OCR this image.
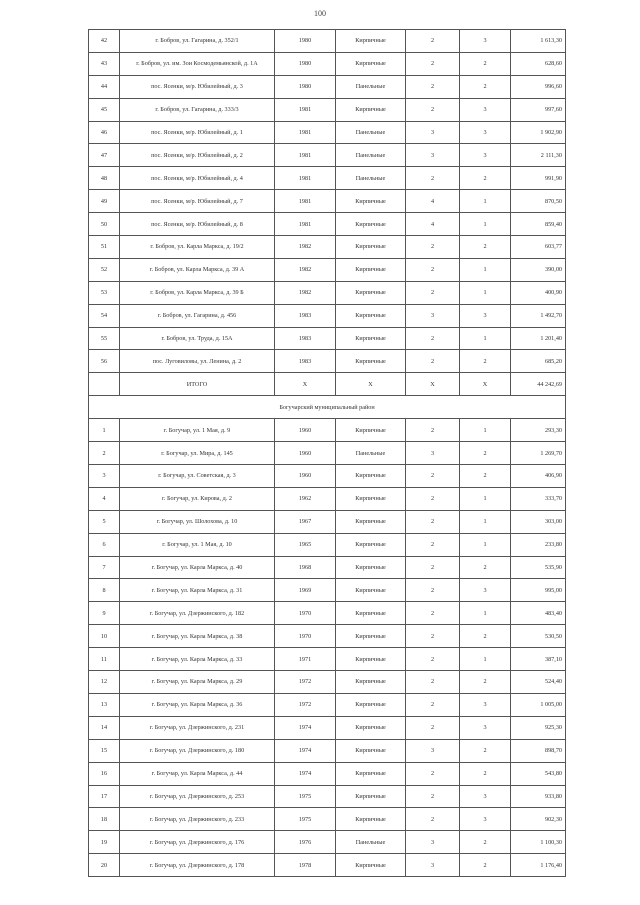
100
42	г. Бобров, ул. Гагарина, д. 352/1	1980	Кирпичные	2	3	1 613,30
43	г. Бобров, ул. им. Зои Космодемьянской, д. 1А	1980	Кирпичные	2	2	628,60
44	пос. Ясенки, м/р. Юбилейный, д. 3	1980	Панельные	2	2	996,60
45	г. Бобров, ул. Гагарина, д. 333/3	1981	Кирпичные	2	3	997,60
46	пос. Ясенки, м/р. Юбилейный, д. 1	1981	Панельные	3	3	1 902,90
47	пос. Ясенки, м/р. Юбилейный, д. 2	1981	Панельные	3	3	2 111,30
48	пос. Ясенки, м/р. Юбилейный, д. 4	1981	Панельные	2	2	991,90
49	пос. Ясенки, м/р. Юбилейный, д. 7	1981	Кирпичные	4	1	870,50
50	пос. Ясенки, м/р. Юбилейный, д. 8	1981	Кирпичные	4	1	859,40
51	г. Бобров, ул. Карла Маркса, д. 19/2	1982	Кирпичные	2	2	603,77
52	г. Бобров, ул. Карла Маркса, д. 39 А	1982	Кирпичные	2	1	390,00
53	г. Бобров, ул. Карла Маркса, д. 39 Б	1982	Кирпичные	2	1	400,90
54	г. Бобров, ул. Гагарина, д. 456	1983	Кирпичные	3	3	1 492,70
55	г. Бобров, ул. Труда, д. 15А	1983	Кирпичные	2	1	1 201,40
56	пос. Луговиловы, ул. Ленина, д. 2	1983	Кирпичные	2	2	685,20
	ИТОГО	Х	Х	Х	Х	44 242,69
Богучарский муниципальный район						
1	г. Богучар, ул. 1 Мая, д. 9	1960	Кирпичные	2	1	293,30
2	г. Богучар, ул. Мира, д. 145	1960	Панельные	3	2	1 269,70
3	г. Богучар, ул. Советская, д. 3	1960	Кирпичные	2	2	406,90
4	г. Богучар, ул. Кирова, д. 2	1962	Кирпичные	2	1	333,70
5	г. Богучар, ул. Шолохова, д. 10	1967	Кирпичные	2	1	303,00
6	г. Богучар, ул. 1 Мая, д. 10	1965	Кирпичные	2	1	233,80
7	г. Богучар, ул. Карла Маркса, д. 40	1968	Кирпичные	2	2	535,90
8	г. Богучар, ул. Карла Маркса, д. 31	1969	Кирпичные	2	3	995,00
9	г. Богучар, ул. Дзержинского, д. 182	1970	Кирпичные	2	1	483,40
10	г. Богучар, ул. Карла Маркса, д. 38	1970	Кирпичные	2	2	530,50
11	г. Богучар, ул. Карла Маркса, д. 33	1971	Кирпичные	2	1	387,10
12	г. Богучар, ул. Карла Маркса, д. 29	1972	Кирпичные	2	2	524,40
13	г. Богучар, ул. Карла Маркса, д. 36	1972	Кирпичные	2	3	1 005,00
14	г. Богучар, ул. Дзержинского, д. 231	1974	Кирпичные	2	3	925,30
15	г. Богучар, ул. Дзержинского, д. 180	1974	Кирпичные	3	2	898,70
16	г. Богучар, ул. Карла Маркса, д. 44	1974	Кирпичные	2	2	543,80
17	г. Богучар, ул. Дзержинского, д. 253	1975	Кирпичные	2	3	933,80
18	г. Богучар, ул. Дзержинского, д. 233	1975	Кирпичные	2	3	902,30
19	г. Богучар, ул. Дзержинского, д. 176	1976	Панельные	3	2	1 100,30
20	г. Богучар, ул. Дзержинского, д. 178	1978	Кирпичные	3	2	1 176,40
